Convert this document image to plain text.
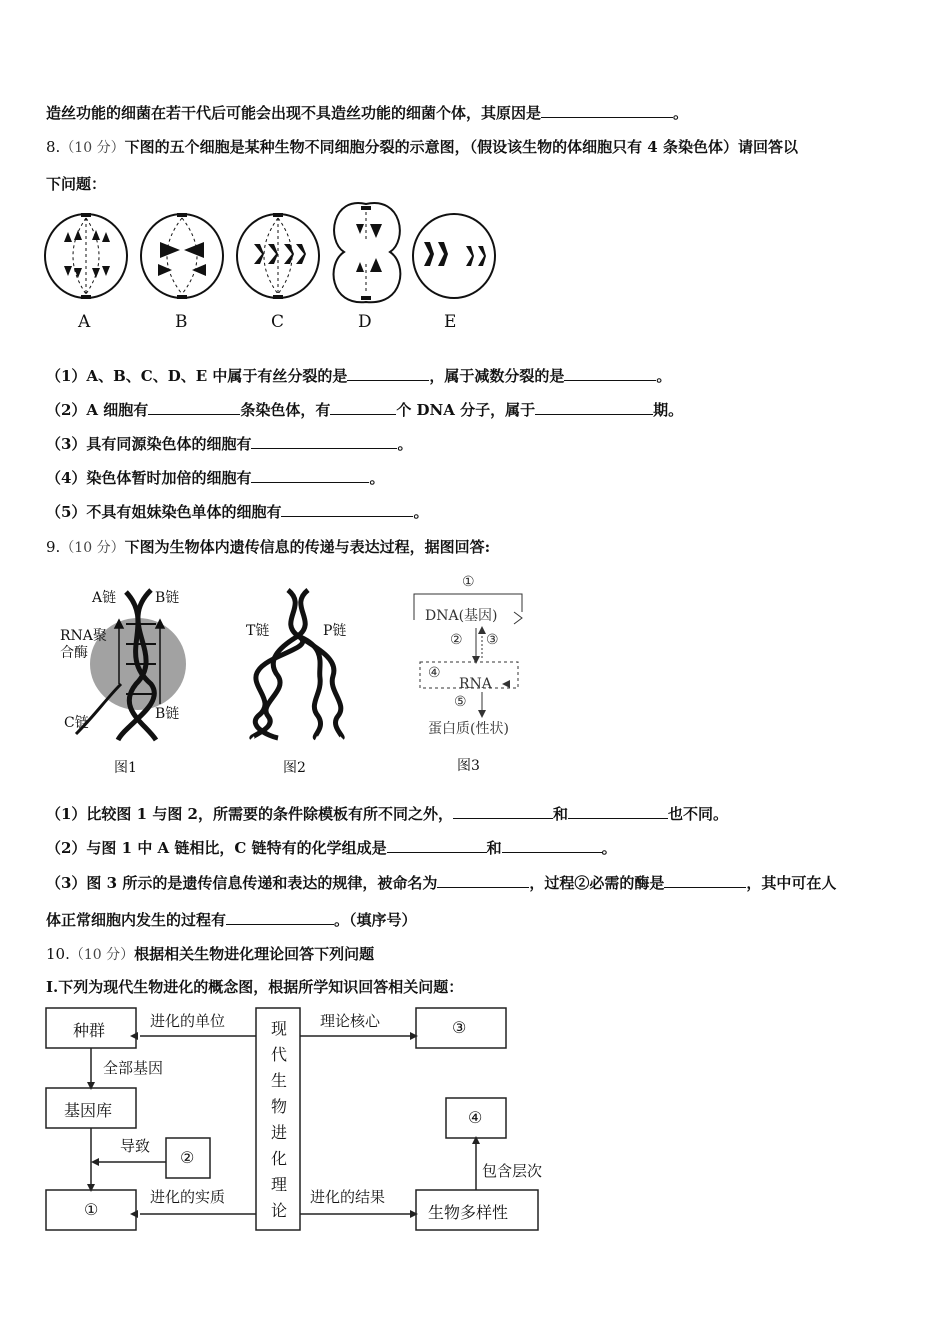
造丝功能的细菌在若干代后可能会出现不具造丝功能的细菌个体，其原因是	。
8.（10 分）下图的五个细胞是某种生物不同细胞分裂的示意图，（假设该生物的体细胞只有 4 条染色体）请回答以
下问题：
A	B	C	D	E
（1）A、B、C、D、E 中属于有丝分裂的是	，属于减数分裂的是	。
（2）A 细胞有	条染色体，有	个 DNA 分子，属于	期。
（3）具有同源染色体的细胞有	。
（4）染色体暂时加倍的细胞有	。
（5）不具有姐妹染色单体的细胞有	。
9.（10 分）下图为生物体内遗传信息的传递与表达过程，据图回答:
A链	B链
RNA聚
合酶
C链
B链
图1
T链	P链
图2
①
DNA(基因)
② ③
④
RNA
⑤
蛋白质(性状)
图3
（1）比较图 1 与图 2，所需要的条件除模板有所不同之外，	和	也不同。
（2）与图 1 中 A 链相比，C 链特有的化学组成是	和	。
（3）图 3 所示的是遗传信息传递和表达的规律，被命名为	，过程②必需的酶是	，其中可在人
体正常细胞内发生的过程有	。（填序号）
10.（10 分）根据相关生物进化理论回答下列问题
I.下列为现代生物进化的概念图，根据所学知识回答相关问题：
种群	进化的单位	现
代
生
物
进
化
理
论
理论核心	③
全部基因
基因库
导致
②
①
进化的实质	进化的结果
生物多样性
包含层次
④
